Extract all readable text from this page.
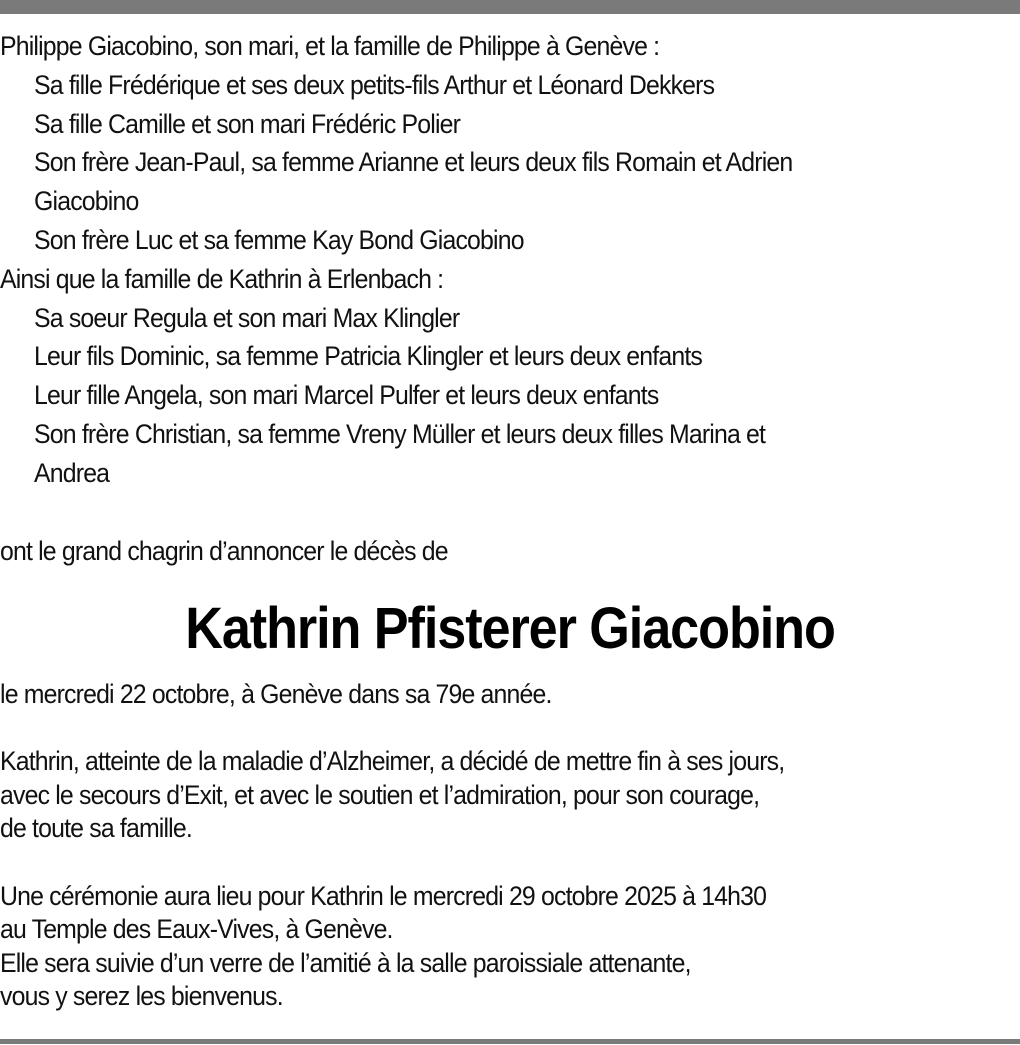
Philippe Giacobino, son mari, et la famille de Philippe à Genève :
Sa fille Frédérique et ses deux petits-fils Arthur et Léonard Dekkers
Sa fille Camille et son mari Frédéric Polier
Son frère Jean-Paul, sa femme Arianne et leurs deux fils Romain et Adrien
Giacobino
Son frère Luc et sa femme Kay Bond Giacobino
Ainsi que la famille de Kathrin à Erlenbach :
Sa soeur Regula et son mari Max Klingler
Leur fils Dominic, sa femme Patricia Klingler et leurs deux enfants
Leur fille Angela, son mari Marcel Pulfer et leurs deux enfants
Son frère Christian, sa femme Vreny Müller et leurs deux filles Marina et
Andrea
ont le grand chagrin d’annoncer le décès de
Kathrin Pfisterer Giacobino
le mercredi 22 octobre, à Genève dans sa 79e année.
Kathrin, atteinte de la maladie d’Alzheimer, a décidé de mettre fin à ses jours,
avec le secours d’Exit, et avec le soutien et l’admiration, pour son courage,
de toute sa famille.
Une cérémonie aura lieu pour Kathrin le mercredi 29 octobre 2025 à 14h30
au Temple des Eaux-Vives, à Genève.
Elle sera suivie d’un verre de l’amitié à la salle paroissiale attenante,
vous y serez les bienvenus.
